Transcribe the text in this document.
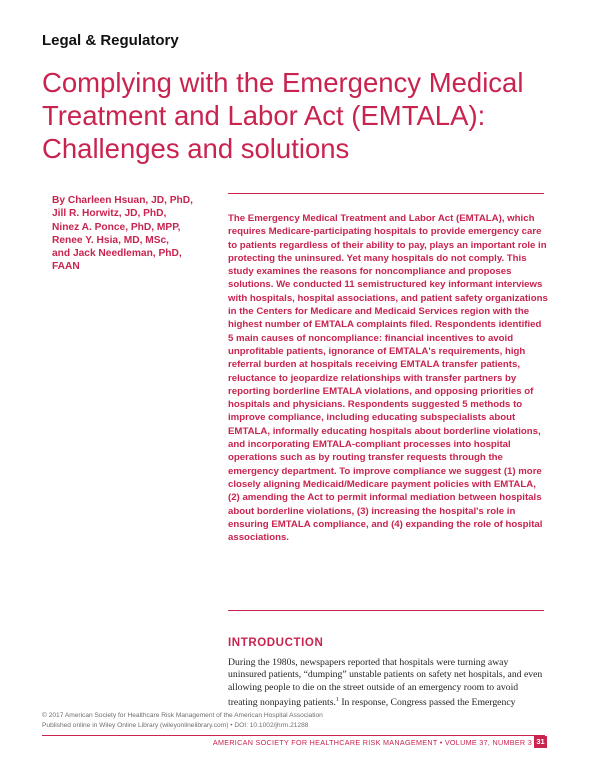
Legal & Regulatory
Complying with the Emergency Medical Treatment and Labor Act (EMTALA): Challenges and solutions
By Charleen Hsuan, JD, PhD,
Jill R. Horwitz, JD, PhD,
Ninez A. Ponce, PhD, MPP,
Renee Y. Hsia, MD, MSc,
and Jack Needleman, PhD,
FAAN
The Emergency Medical Treatment and Labor Act (EMTALA), which requires Medicare-participating hospitals to provide emergency care to patients regardless of their ability to pay, plays an important role in protecting the uninsured. Yet many hospitals do not comply. This study examines the reasons for noncompliance and proposes solutions. We conducted 11 semistructured key informant interviews with hospitals, hospital associations, and patient safety organizations in the Centers for Medicare and Medicaid Services region with the highest number of EMTALA complaints filed. Respondents identified 5 main causes of noncompliance: financial incentives to avoid unprofitable patients, ignorance of EMTALA's requirements, high referral burden at hospitals receiving EMTALA transfer patients, reluctance to jeopardize relationships with transfer partners by reporting borderline EMTALA violations, and opposing priorities of hospitals and physicians. Respondents suggested 5 methods to improve compliance, including educating subspecialists about EMTALA, informally educating hospitals about borderline violations, and incorporating EMTALA-compliant processes into hospital operations such as by routing transfer requests through the emergency department. To improve compliance we suggest (1) more closely aligning Medicaid/Medicare payment policies with EMTALA, (2) amending the Act to permit informal mediation between hospitals about borderline violations, (3) increasing the hospital's role in ensuring EMTALA compliance, and (4) expanding the role of hospital associations.
INTRODUCTION
During the 1980s, newspapers reported that hospitals were turning away uninsured patients, “dumping” unstable patients on safety net hospitals, and even allowing people to die on the street outside of an emergency room to avoid treating nonpaying patients.$^1$ In response, Congress passed the Emergency
© 2017 American Society for Healthcare Risk Management of the American Hospital Association
Published online in Wiley Online Library (wileyonlinelibrary.com) • DOI: 10.1002/jhrm.21288
AMERICAN SOCIETY FOR HEALTHCARE RISK MANAGEMENT • VOLUME 37, NUMBER 3 31
